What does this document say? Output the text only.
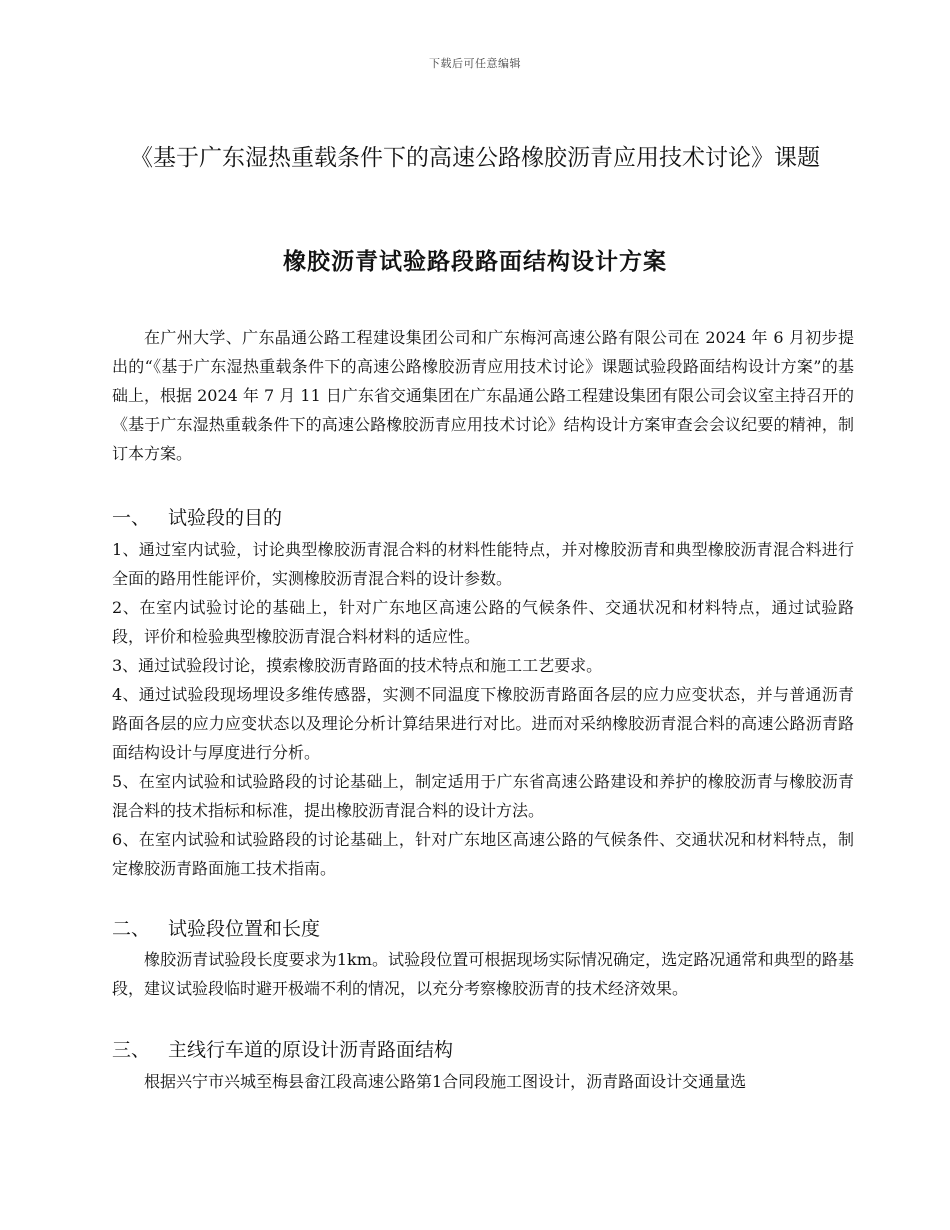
下载后可任意编辑
《基于广东湿热重载条件下的高速公路橡胶沥青应用技术讨论》课题
橡胶沥青试验路段路面结构设计方案
在广州大学、广东晶通公路工程建设集团公司和广东梅河高速公路有限公司在 2024 年 6 月初步提出的“《基于广东湿热重载条件下的高速公路橡胶沥青应用技术讨论》课题试验段路面结构设计方案”的基础上，根据 2024 年 7 月 11 日广东省交通集团在广东晶通公路工程建设集团有限公司会议室主持召开的《基于广东湿热重载条件下的高速公路橡胶沥青应用技术讨论》结构设计方案审查会会议纪要的精神，制订本方案。
一、 试验段的目的

1、通过室内试验，讨论典型橡胶沥青混合料的材料性能特点，并对橡胶沥青和典型橡胶沥青混合料进行全面的路用性能评价，实测橡胶沥青混合料的设计参数。

2、在室内试验讨论的基础上，针对广东地区高速公路的气候条件、交通状况和材料特点，通过试验路段，评价和检验典型橡胶沥青混合料材料的适应性。

3、通过试验段讨论，摸索橡胶沥青路面的技术特点和施工工艺要求。

4、通过试验段现场埋设多维传感器，实测不同温度下橡胶沥青路面各层的应力应变状态，并与普通沥青路面各层的应力应变状态以及理论分析计算结果进行对比。进而对采纳橡胶沥青混合料的高速公路沥青路面结构设计与厚度进行分析。

5、在室内试验和试验路段的讨论基础上，制定适用于广东省高速公路建设和养护的橡胶沥青与橡胶沥青混合料的技术指标和标准，提出橡胶沥青混合料的设计方法。

6、在室内试验和试验路段的讨论基础上，针对广东地区高速公路的气候条件、交通状况和材料特点，制定橡胶沥青路面施工技术指南。

二、 试验段位置和长度
橡胶沥青试验段长度要求为1km。试验段位置可根据现场实际情况确定，选定路况通常和典型的路基段，建议试验段临时避开极端不利的情况，以充分考察橡胶沥青的技术经济效果。
三、 主线行车道的原设计沥青路面结构
根据兴宁市兴城至梅县畲江段高速公路第1合同段施工图设计，沥青路面设计交通量选
